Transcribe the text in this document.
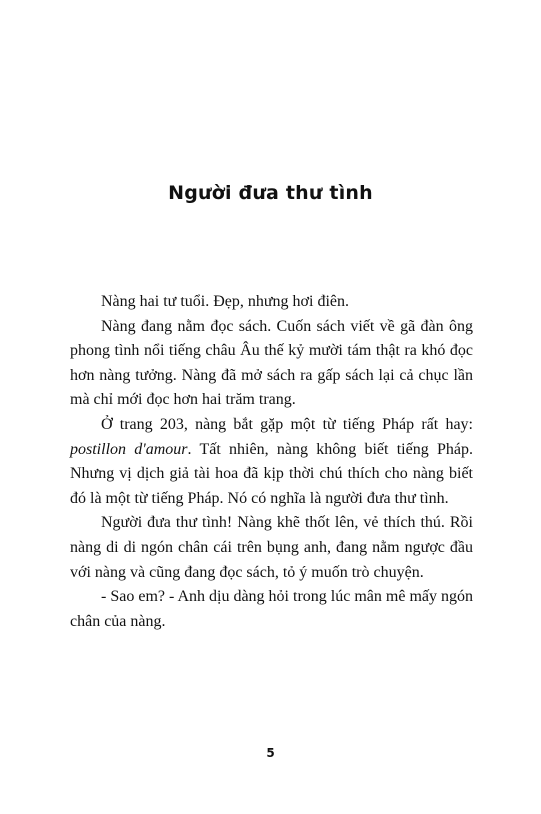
Người đưa thư tình

Nàng hai tư tuổi. Đẹp, nhưng hơi điên.

Nàng đang nằm đọc sách. Cuốn sách viết về gã đàn ông phong tình nổi tiếng châu Âu thế kỷ mười tám thật ra khó đọc hơn nàng tưởng. Nàng đã mở sách ra gấp sách lại cả chục lần mà chỉ mới đọc hơn hai trăm trang.

Ở trang 203, nàng bắt gặp một từ tiếng Pháp rất hay: postillon d'amour. Tất nhiên, nàng không biết tiếng Pháp. Nhưng vị dịch giả tài hoa đã kịp thời chú thích cho nàng biết đó là một từ tiếng Pháp. Nó có nghĩa là người đưa thư tình.

Người đưa thư tình! Nàng khẽ thốt lên, vẻ thích thú. Rồi nàng di di ngón chân cái trên bụng anh, đang nằm ngược đầu với nàng và cũng đang đọc sách, tỏ ý muốn trò chuyện.

- Sao em? - Anh dịu dàng hỏi trong lúc mân mê mấy ngón chân của nàng.

5
